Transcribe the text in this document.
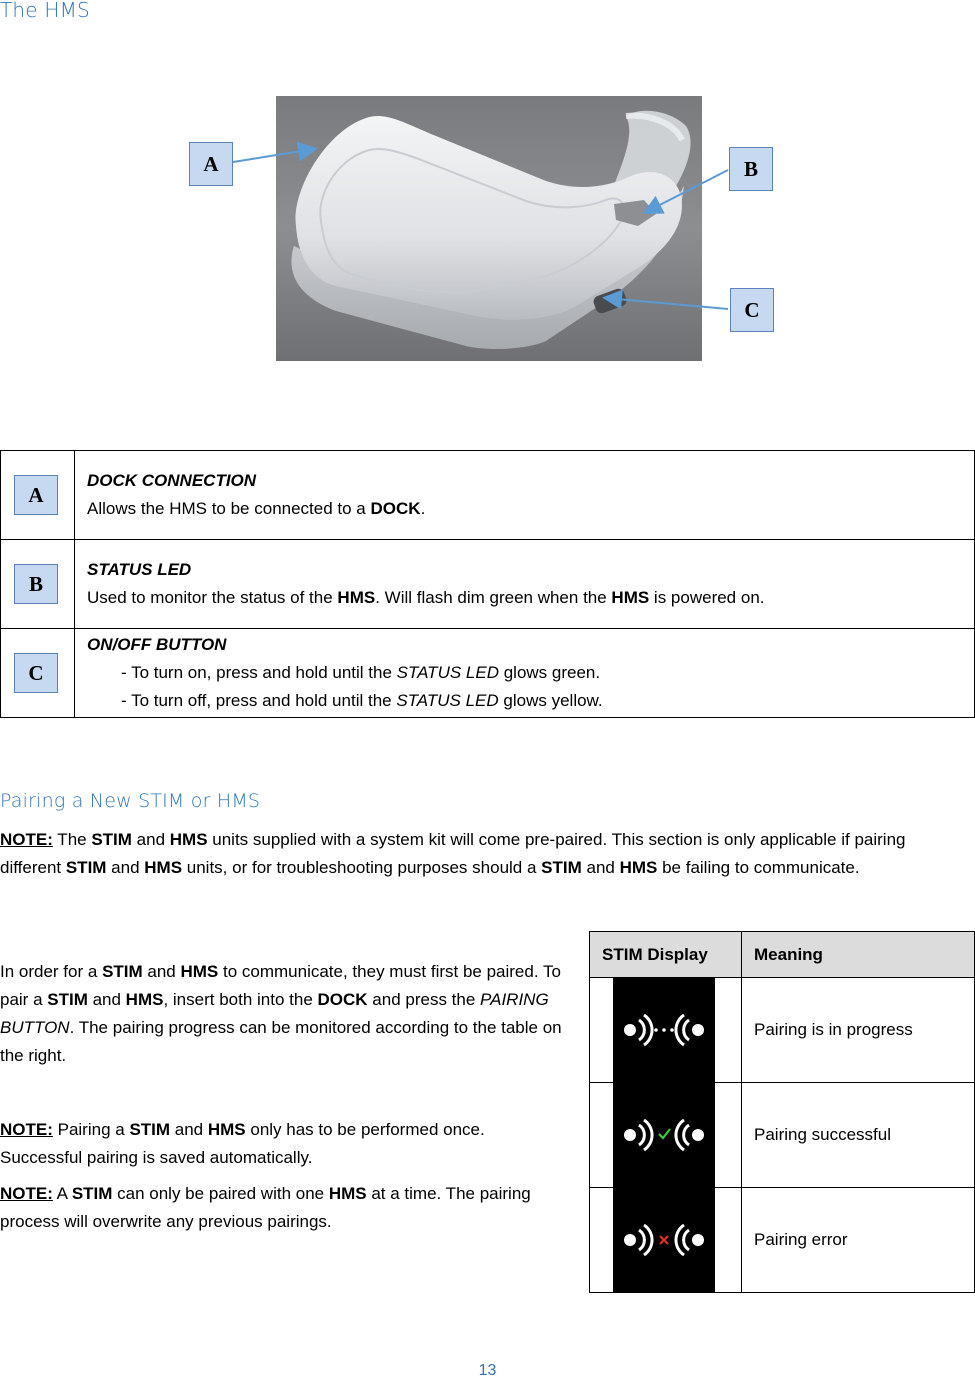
The HMS
A	B
C
A	DOCK CONNECTION
Allows the HMS to be connected to a DOCK.

B	STATUS LED
Used to monitor the status of the HMS. Will flash dim green when the HMS is powered on.

C	ON/OFF BUTTON
- To turn on, press and hold until the STATUS LED glows green.
- To turn off, press and hold until the STATUS LED glows yellow.
Pairing a New STIM or HMS

NOTE: The STIM and HMS units supplied with a system kit will come pre-paired. This section is only applicable if pairing different STIM and HMS units, or for troubleshooting purposes should a STIM and HMS be failing to communicate.

In order for a STIM and HMS to communicate, they must first be paired. To pair a STIM and HMS, insert both into the DOCK and press the PAIRING BUTTON. The pairing progress can be monitored according to the table on the right.

NOTE: Pairing a STIM and HMS only has to be performed once. Successful pairing is saved automatically.

NOTE: A STIM can only be paired with one HMS at a time. The pairing process will overwrite any previous pairings.

STIM Display	Meaning

	Pairing is in progress

	Pairing successful

	Pairing error
13
